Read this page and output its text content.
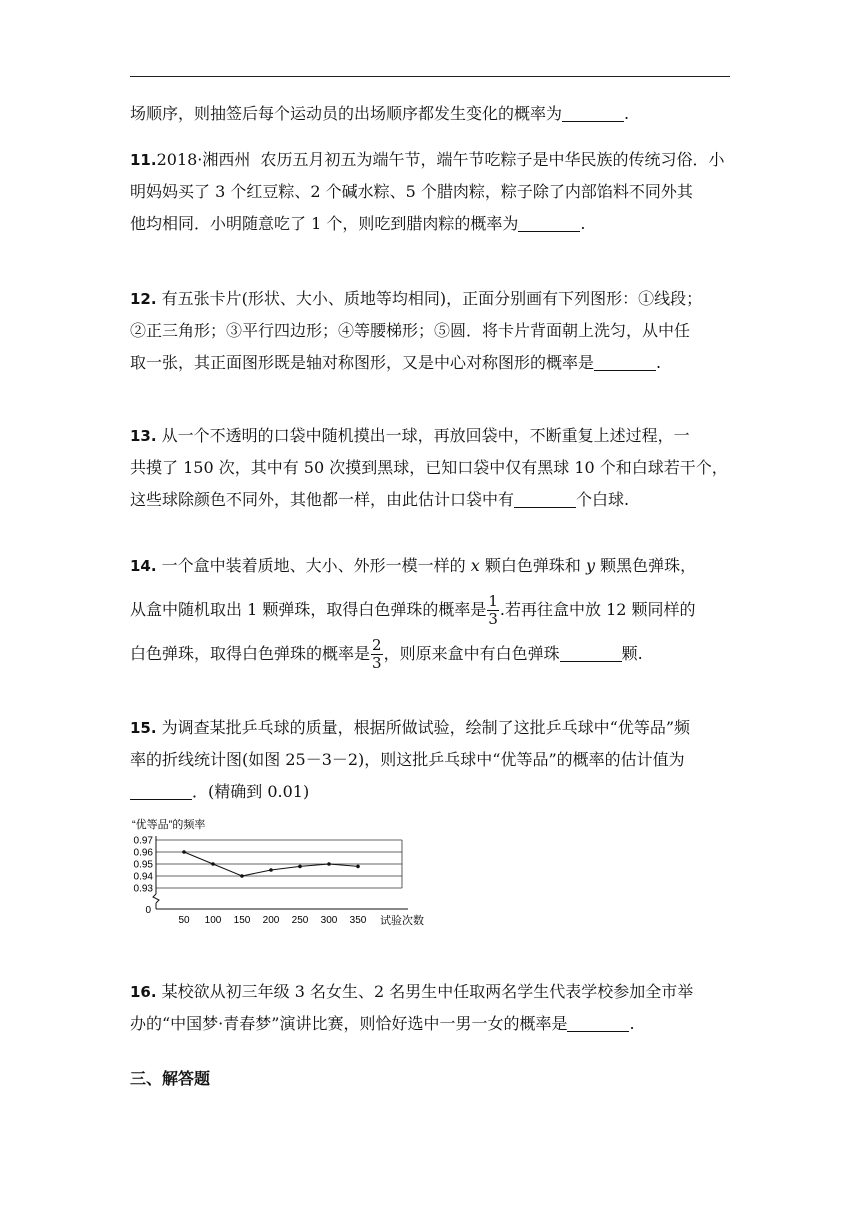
场顺序，则抽签后每个运动员的出场顺序都发生变化的概率为	.

11.2018·湘西州  农历五月初五为端午节，端午节吃粽子是中华民族的传统习俗．小
明妈妈买了 3 个红豆粽、2 个碱水粽、5 个腊肉粽，粽子除了内部馅料不同外其
他均相同．小明随意吃了 1 个，则吃到腊肉粽的概率为	.
12. 有五张卡片(形状、大小、质地等均相同)，正面分别画有下列图形：①线段；
②正三角形；③平行四边形；④等腰梯形；⑤圆．将卡片背面朝上洗匀，从中任
取一张，其正面图形既是轴对称图形，又是中心对称图形的概率是	.
13. 从一个不透明的口袋中随机摸出一球，再放回袋中，不断重复上述过程，一
共摸了 150 次，其中有 50 次摸到黑球，已知口袋中仅有黑球 10 个和白球若干个，
这些球除颜色不同外，其他都一样，由此估计口袋中有	个白球.
14. 一个盒中装着质地、大小、外形一模一样的 x 颗白色弹珠和 y 颗黑色弹珠，
从盒中随机取出 1 颗弹珠，取得白色弹珠的概率是 $\frac{1}{3}$ .若再往盒中放 12 颗同样的
白色弹珠，取得白色弹珠的概率是 $\frac{2}{3}$ ，则原来盒中有白色弹珠	颗.
15. 为调查某批乒乓球的质量，根据所做试验，绘制了这批乒乓球中“优等品”频
率的折线统计图(如图 25－3－2)，则这批乒乓球中“优等品”的概率的估计值为
．(精确到 0.01)
0
0.97
0.96
0.95
0.94
0.93
50 100 150 200 250 300 350
“优等品”的频率
试验次数
16. 某校欲从初三年级 3 名女生、2 名男生中任取两名学生代表学校参加全市举
办的“中国梦·青春梦”演讲比赛，则恰好选中一男一女的概率是	.
三、解答题
